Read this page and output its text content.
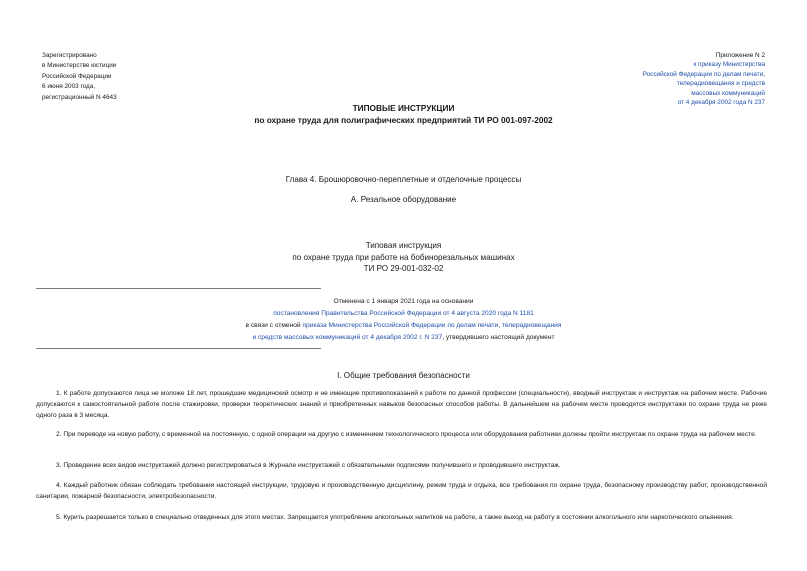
Зарегистрировано
в Министерстве юстиции
Российской Федерации
6 июня 2003 года,
регистрационный N 4643
Приложение N 2
к приказу Министерства
Российской Федерации по делам печати,
телерадиовещания и средств
массовых коммуникаций
от 4 декабря 2002 года N 237
ТИПОВЫЕ ИНСТРУКЦИИ
по охране труда для полиграфических предприятий ТИ РО 001-097-2002
Глава 4. Брошюровочно-переплетные и отделочные процессы
А. Резальное оборудование
Типовая инструкция
по охране труда при работе на бобинорезальных машинах
ТИ РО 29-001-032-02
Отменена с 1 января 2021 года на основании
постановления Правительства Российской Федерации от 4 августа 2020 года N 1181
в связи с отменой приказа Министерства Российской Федерации по делам печати, телерадиовещания
и средств массовых коммуникаций от 4 декабря 2002 г. N 237, утвердившего настоящий документ
I. Общие требования безопасности
1. К работе допускаются лица не моложе 18 лет, прошедшие медицинский осмотр и не имеющие противопоказаний к работе по данной профессии (специальности), вводный инструктаж и инструктаж на рабочем месте. Рабочие допускаются к самостоятельной работе после стажировки, проверки теоретических знаний и приобретенных навыков безопасных способов работы. В дальнейшем на рабочем месте проводятся инструктажи по охране труда не реже одного раза в 3 месяца.
2. При переводе на новую работу, с временной на постоянную, с одной операции на другую с изменением технологического процесса или оборудования работники должны пройти инструктаж по охране труда на рабочем месте.
3. Проведение всех видов инструктажей должно регистрироваться в Журнале инструктажей с обязательными подписями получившего и проводившего инструктаж.
4. Каждый работник обязан соблюдать требования настоящей инструкции, трудовую и производственную дисциплину, режим труда и отдыха, все требования по охране труда, безопасному производству работ, производственной санитарии, пожарной безопасности, электробезопасности.
5. Курить разрешается только в специально отведенных для этого местах. Запрещается употребление алкогольных напитков на работе, а также выход на работу в состоянии алкогольного или наркотического опьянения.
